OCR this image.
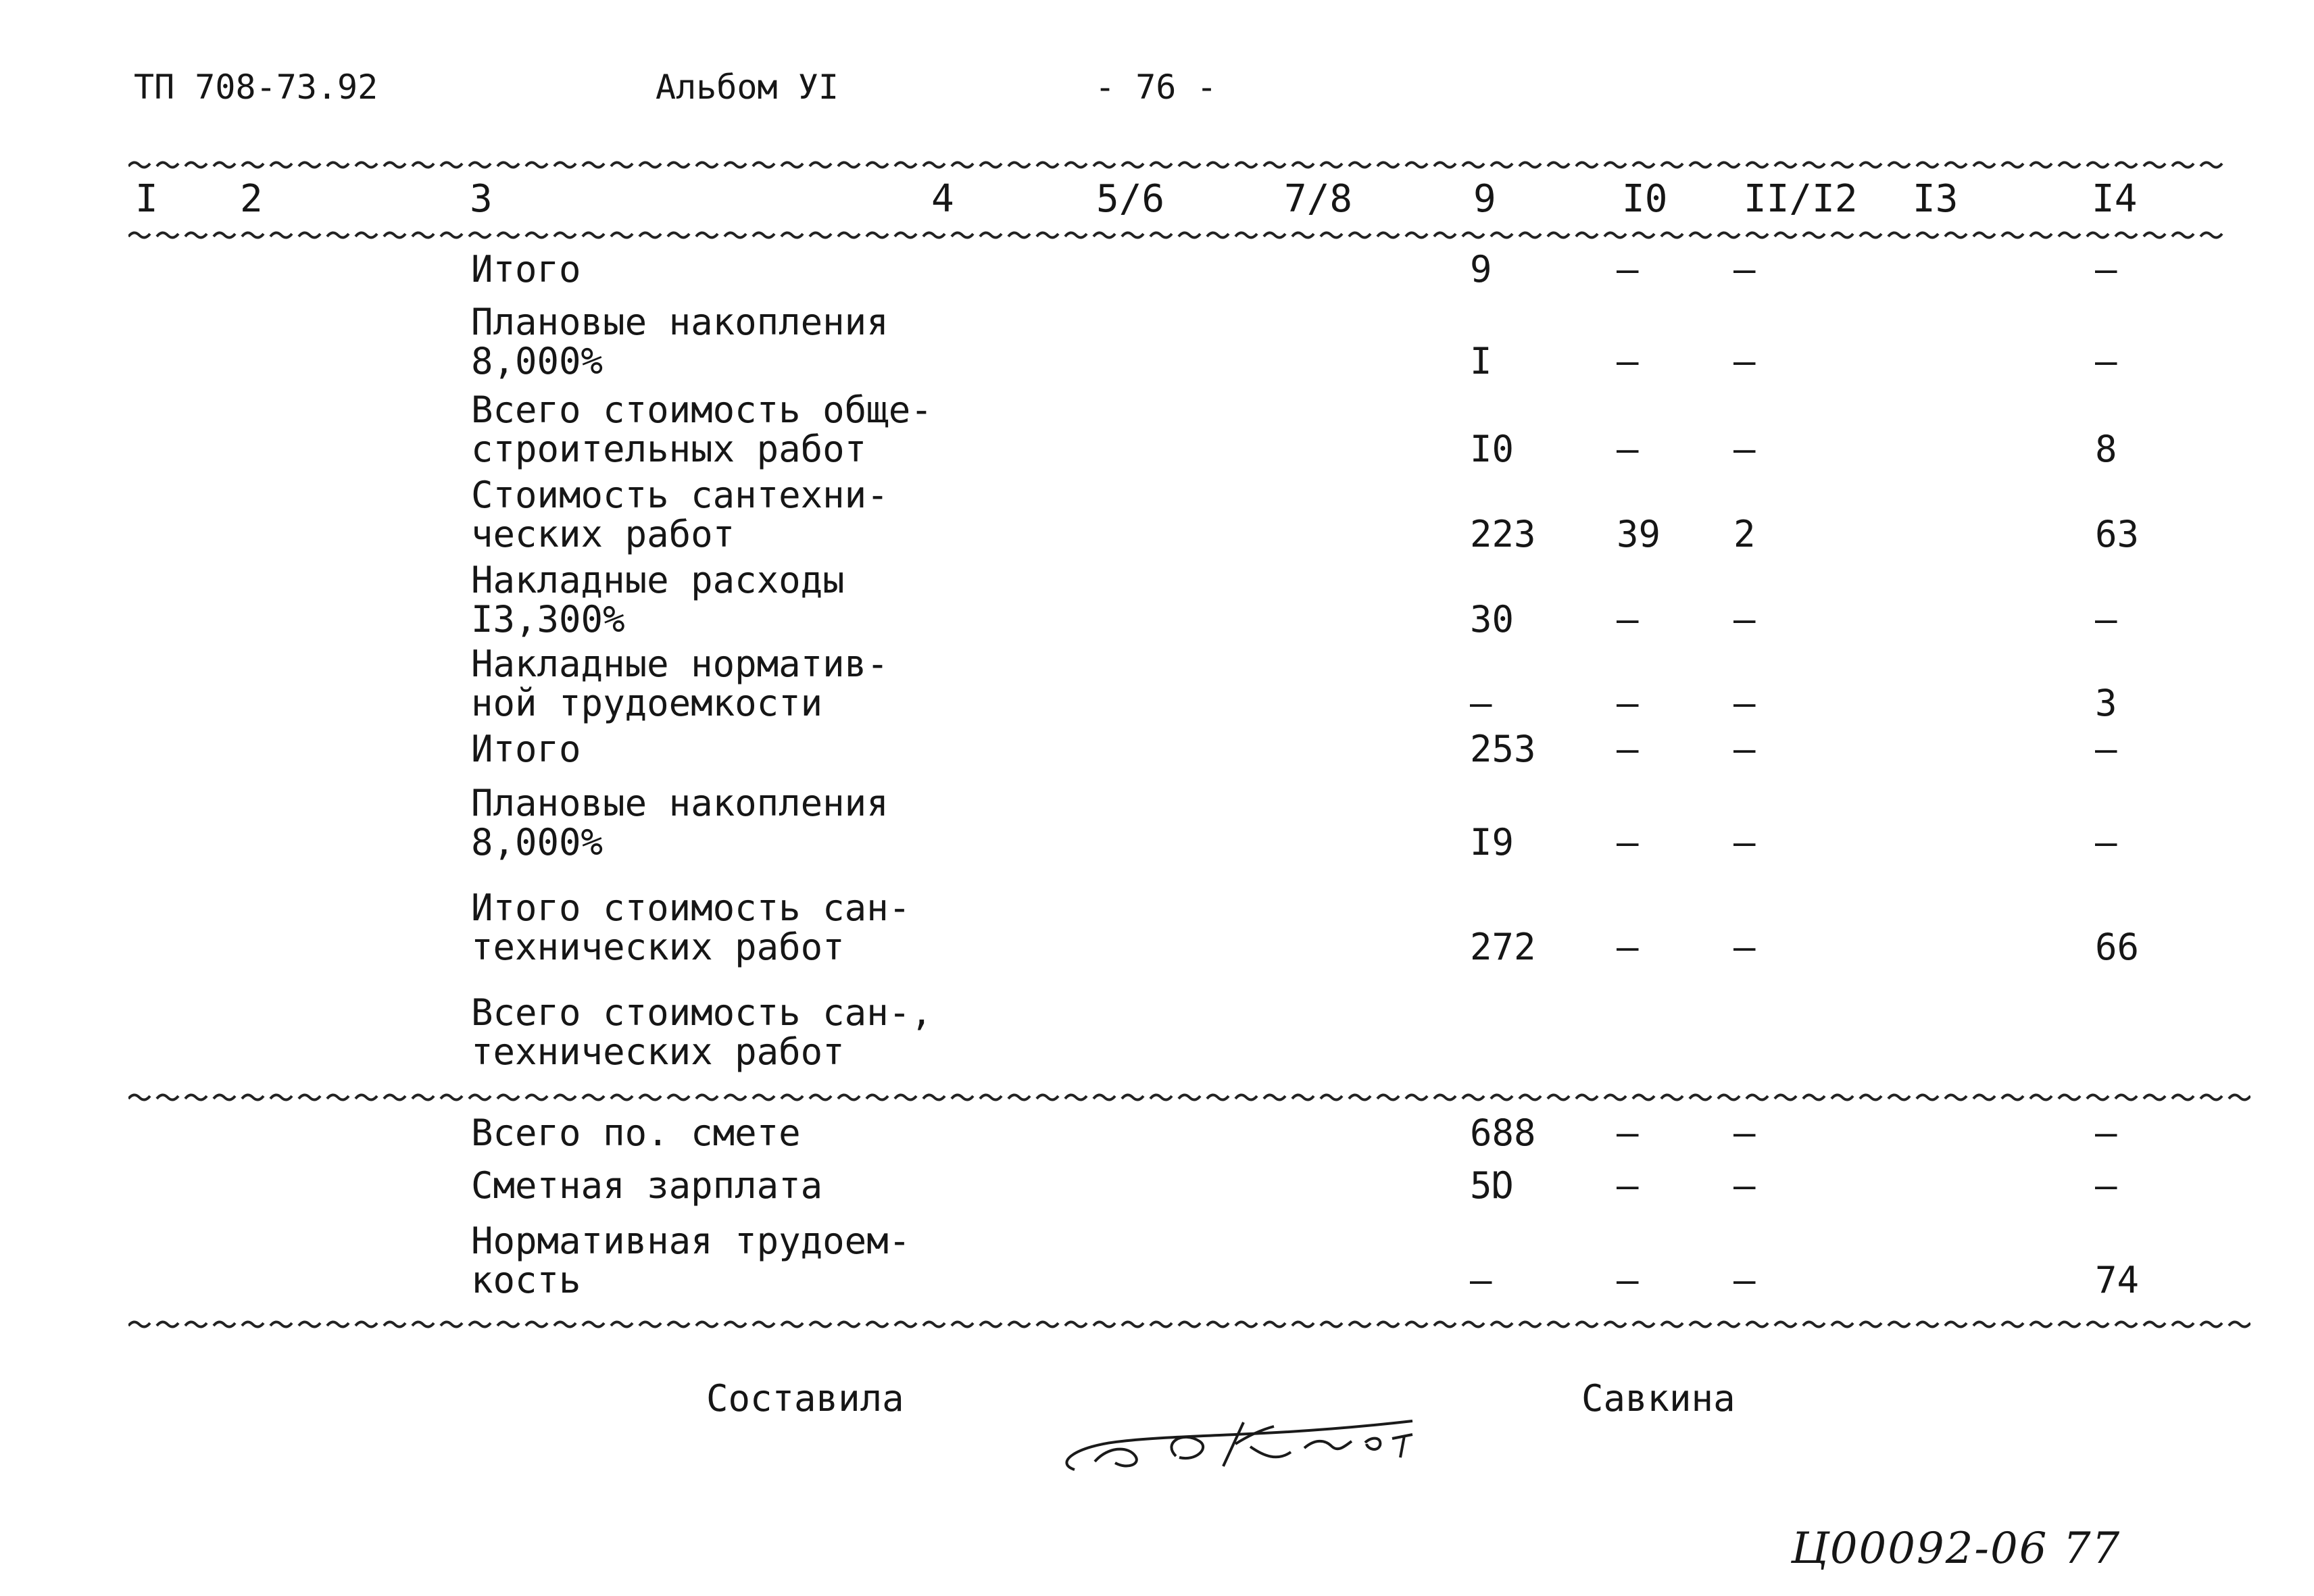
ТП 708-73.92	Альбом УI	- 76 -
I 2	3	4	5/6	7/8	9	I0 II/I2 I3	I4
Итого	9	–	–	–
Плановые накопления
8,000%	I	–	–	–
Всего стоимость обще-
строительных работ	I0	–	–	8
Стоимость сантехни-
ческих работ	223 39 2	63
Накладные расходы
I3,300%	30	–	–	–
Накладные норматив-
ной трудоемкости	–	–	–	3
Итого	253 –	–	–
Плановые накопления
8,000%	I9	–	–	–
Итого стоимость сан-
технических работ	272 –	–	66
Всего стоимость сан-,
технических работ
Всего по. смете	688 –	–	–
Сметная зарплата	5Ɒ	–	–	–
Нормативная трудоем-
кость	–	–	–	74
Составила	Савкина
Ц00092-06 77
